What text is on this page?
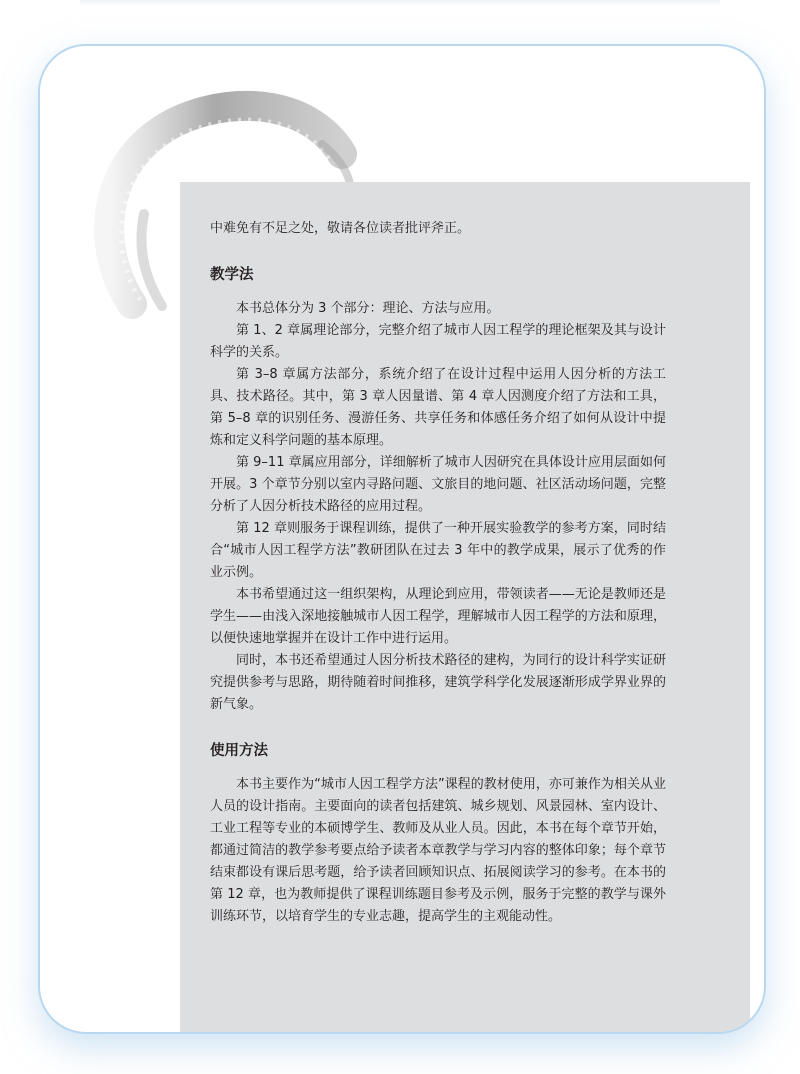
中难免有不足之处，敬请各位读者批评斧正。

教学法

本书总体分为 3 个部分：理论、方法与应用。

第 1、2 章属理论部分，完整介绍了城市人因工程学的理论框架及其与设计科学的关系。

第 3–8 章属方法部分，系统介绍了在设计过程中运用人因分析的方法工具、技术路径。其中，第 3 章人因量谱、第 4 章人因测度介绍了方法和工具，第 5–8 章的识别任务、漫游任务、共享任务和体感任务介绍了如何从设计中提炼和定义科学问题的基本原理。

第 9–11 章属应用部分，详细解析了城市人因研究在具体设计应用层面如何开展。3 个章节分别以室内寻路问题、文旅目的地问题、社区活动场问题，完整分析了人因分析技术路径的应用过程。

第 12 章则服务于课程训练，提供了一种开展实验教学的参考方案，同时结合“城市人因工程学方法”教研团队在过去 3 年中的教学成果，展示了优秀的作业示例。

本书希望通过这一组织架构，从理论到应用，带领读者——无论是教师还是学生——由浅入深地接触城市人因工程学，理解城市人因工程学的方法和原理，以便快速地掌握并在设计工作中进行运用。

同时，本书还希望通过人因分析技术路径的建构，为同行的设计科学实证研究提供参考与思路，期待随着时间推移，建筑学科学化发展逐渐形成学界业界的新气象。

使用方法

本书主要作为“城市人因工程学方法”课程的教材使用，亦可兼作为相关从业人员的设计指南。主要面向的读者包括建筑、城乡规划、风景园林、室内设计、工业工程等专业的本硕博学生、教师及从业人员。因此，本书在每个章节开始，都通过简洁的教学参考要点给予读者本章教学与学习内容的整体印象；每个章节结束都设有课后思考题，给予读者回顾知识点、拓展阅读学习的参考。在本书的第 12 章，也为教师提供了课程训练题目参考及示例，服务于完整的教学与课外训练环节，以培育学生的专业志趣，提高学生的主观能动性。
